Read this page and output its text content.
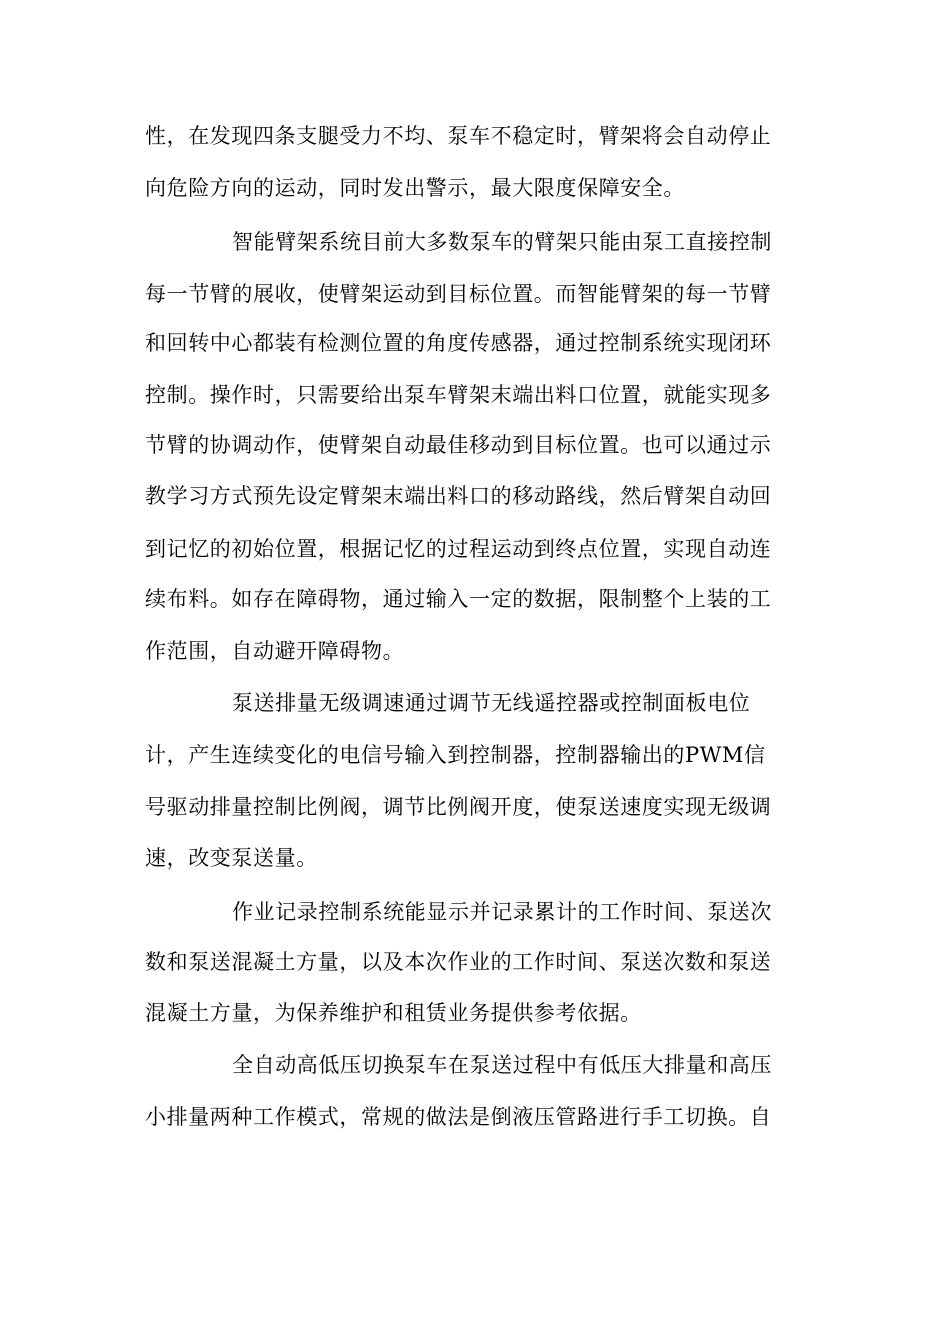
性，在发现四条支腿受力不均、泵车不稳定时，臂架将会自动停止
向危险方向的运动，同时发出警示，最大限度保障安全。
智能臂架系统目前大多数泵车的臂架只能由泵工直接控制
每一节臂的展收，使臂架运动到目标位置。而智能臂架的每一节臂
和回转中心都装有检测位置的角度传感器，通过控制系统实现闭环
控制。操作时，只需要给出泵车臂架末端出料口位置，就能实现多
节臂的协调动作，使臂架自动最佳移动到目标位置。也可以通过示
教学习方式预先设定臂架末端出料口的移动路线，然后臂架自动回
到记忆的初始位置，根据记忆的过程运动到终点位置，实现自动连
续布料。如存在障碍物，通过输入一定的数据，限制整个上装的工
作范围，自动避开障碍物。
泵送排量无级调速通过调节无线遥控器或控制面板电位
计，产生连续变化的电信号输入到控制器，控制器输出的PWM信
号驱动排量控制比例阀，调节比例阀开度，使泵送速度实现无级调
速，改变泵送量。
作业记录控制系统能显示并记录累计的工作时间、泵送次
数和泵送混凝土方量，以及本次作业的工作时间、泵送次数和泵送
混凝土方量，为保养维护和租赁业务提供参考依据。
全自动高低压切换泵车在泵送过程中有低压大排量和高压
小排量两种工作模式，常规的做法是倒液压管路进行手工切换。自
